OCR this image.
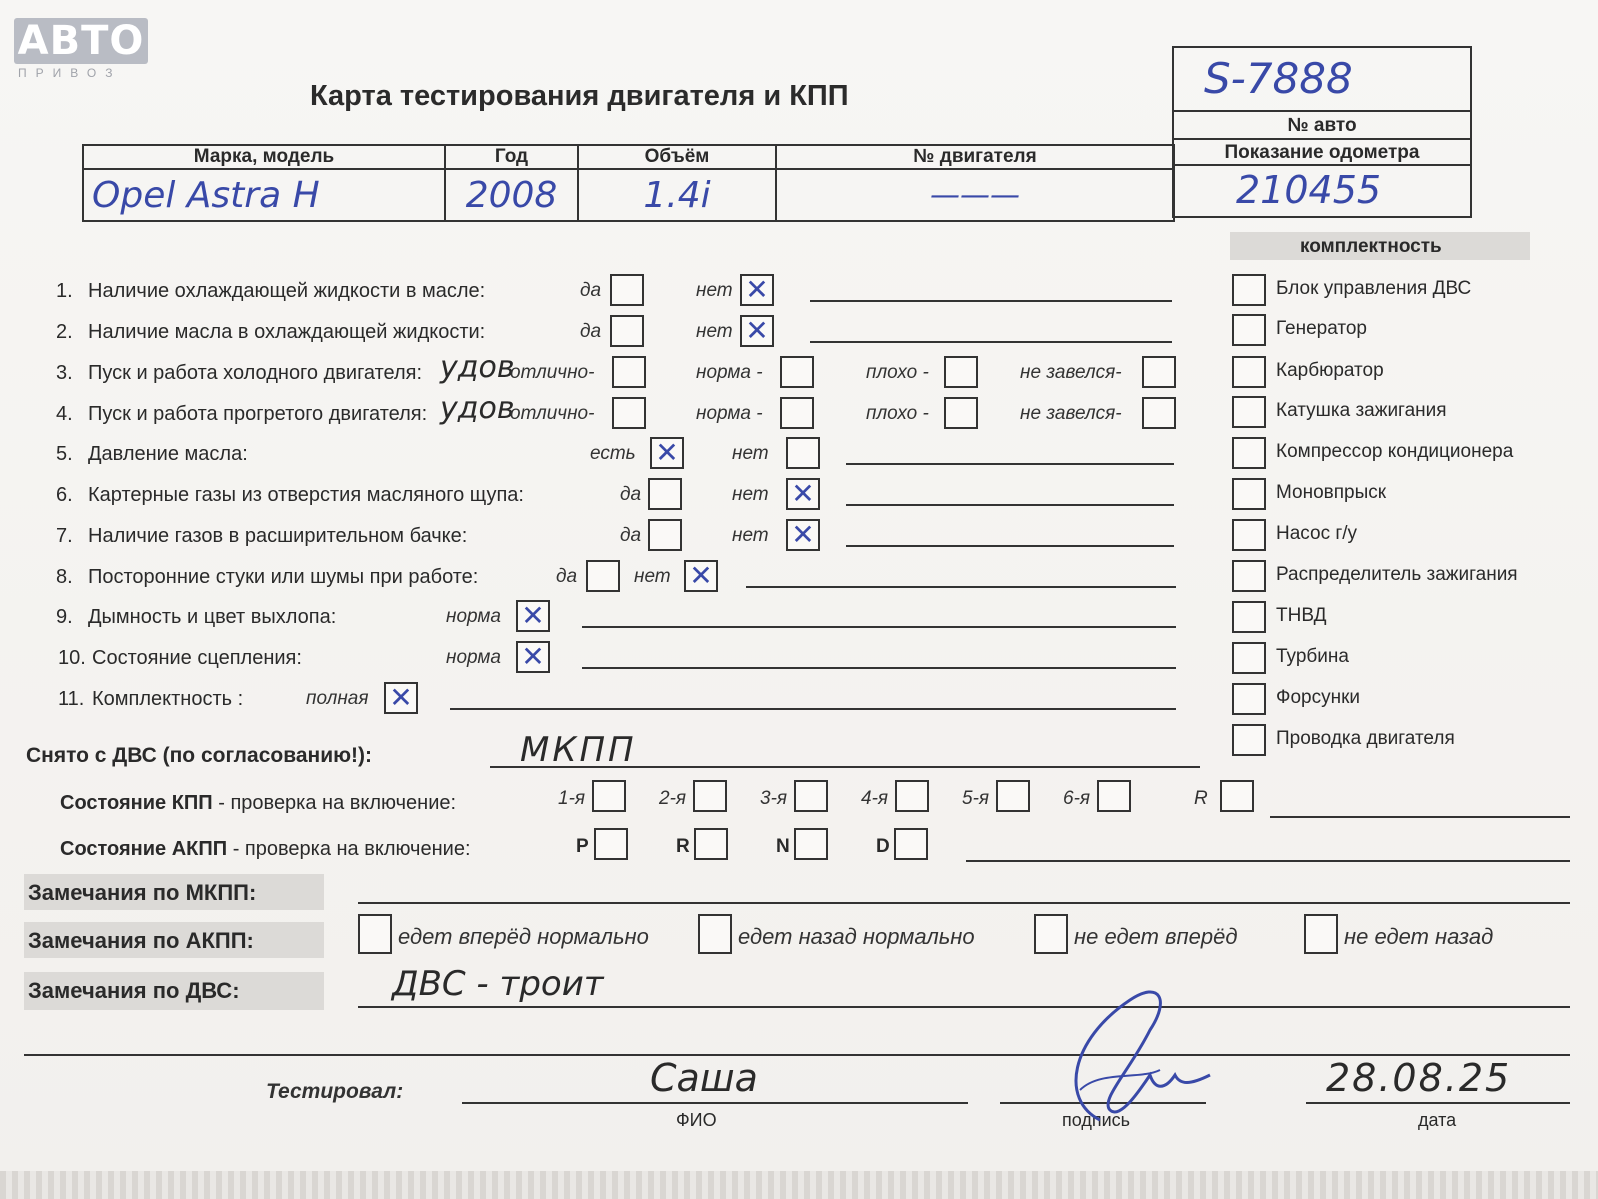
АВТО
ПРИВОЗ
Карта тестирования двигателя и КПП	S-7888
№ авто
Показание одометра
210455
Марка, модель	Год	Объём	№ двигателя
Opel Astra H	2008	1.4i	———
комплектность
Блок управления ДВС
Генератор
Карбюратор
Катушка зажигания
Компрессор кондиционера
Моновпрыск
Насос г/у
Распределитель зажигания
ТНВД
Турбина
Форсунки
Проводка двигателя
1. Наличие охлаждающей жидкости в масле:	да	нет ✕
2. Наличие масла в охлаждающей жидкости:	да	нет ✕
3. Пуск и работа холодного двигателя: удов
отлично-	норма -	плохо -	не завелся-
4. Пуск и работа прогретого двигателя: удов
отлично-	норма -	плохо -	не завелся-
5. Давление масла:	есть ✕	нет
6. Картерные газы из отверстия масляного щупа:	да	нет ✕
7. Наличие газов в расширительном бачке:	да	нет ✕
8. Посторонние стуки или шумы при работе:	да	нет ✕
9. Дымность и цвет выхлопа:	норма ✕
10. Состояние сцепления:	норма ✕
11. Комплектность :	полная ✕
Снято с ДВС (по согласованию!):	МКПП
Состояние КПП - проверка на включение:	1-я	2-я	3-я	4-я	5-я	6-я	R
Состояние АКПП - проверка на включение:	P	R	N	D
Замечания по МКПП:
Замечания по АКПП:	едет вперёд нормально	едет назад нормально	не едет вперёд	не едет назад
Замечания по ДВС:	ДВС - троит
Тестировал:	Саша
ФИО	подпись
28.08.25
дата
